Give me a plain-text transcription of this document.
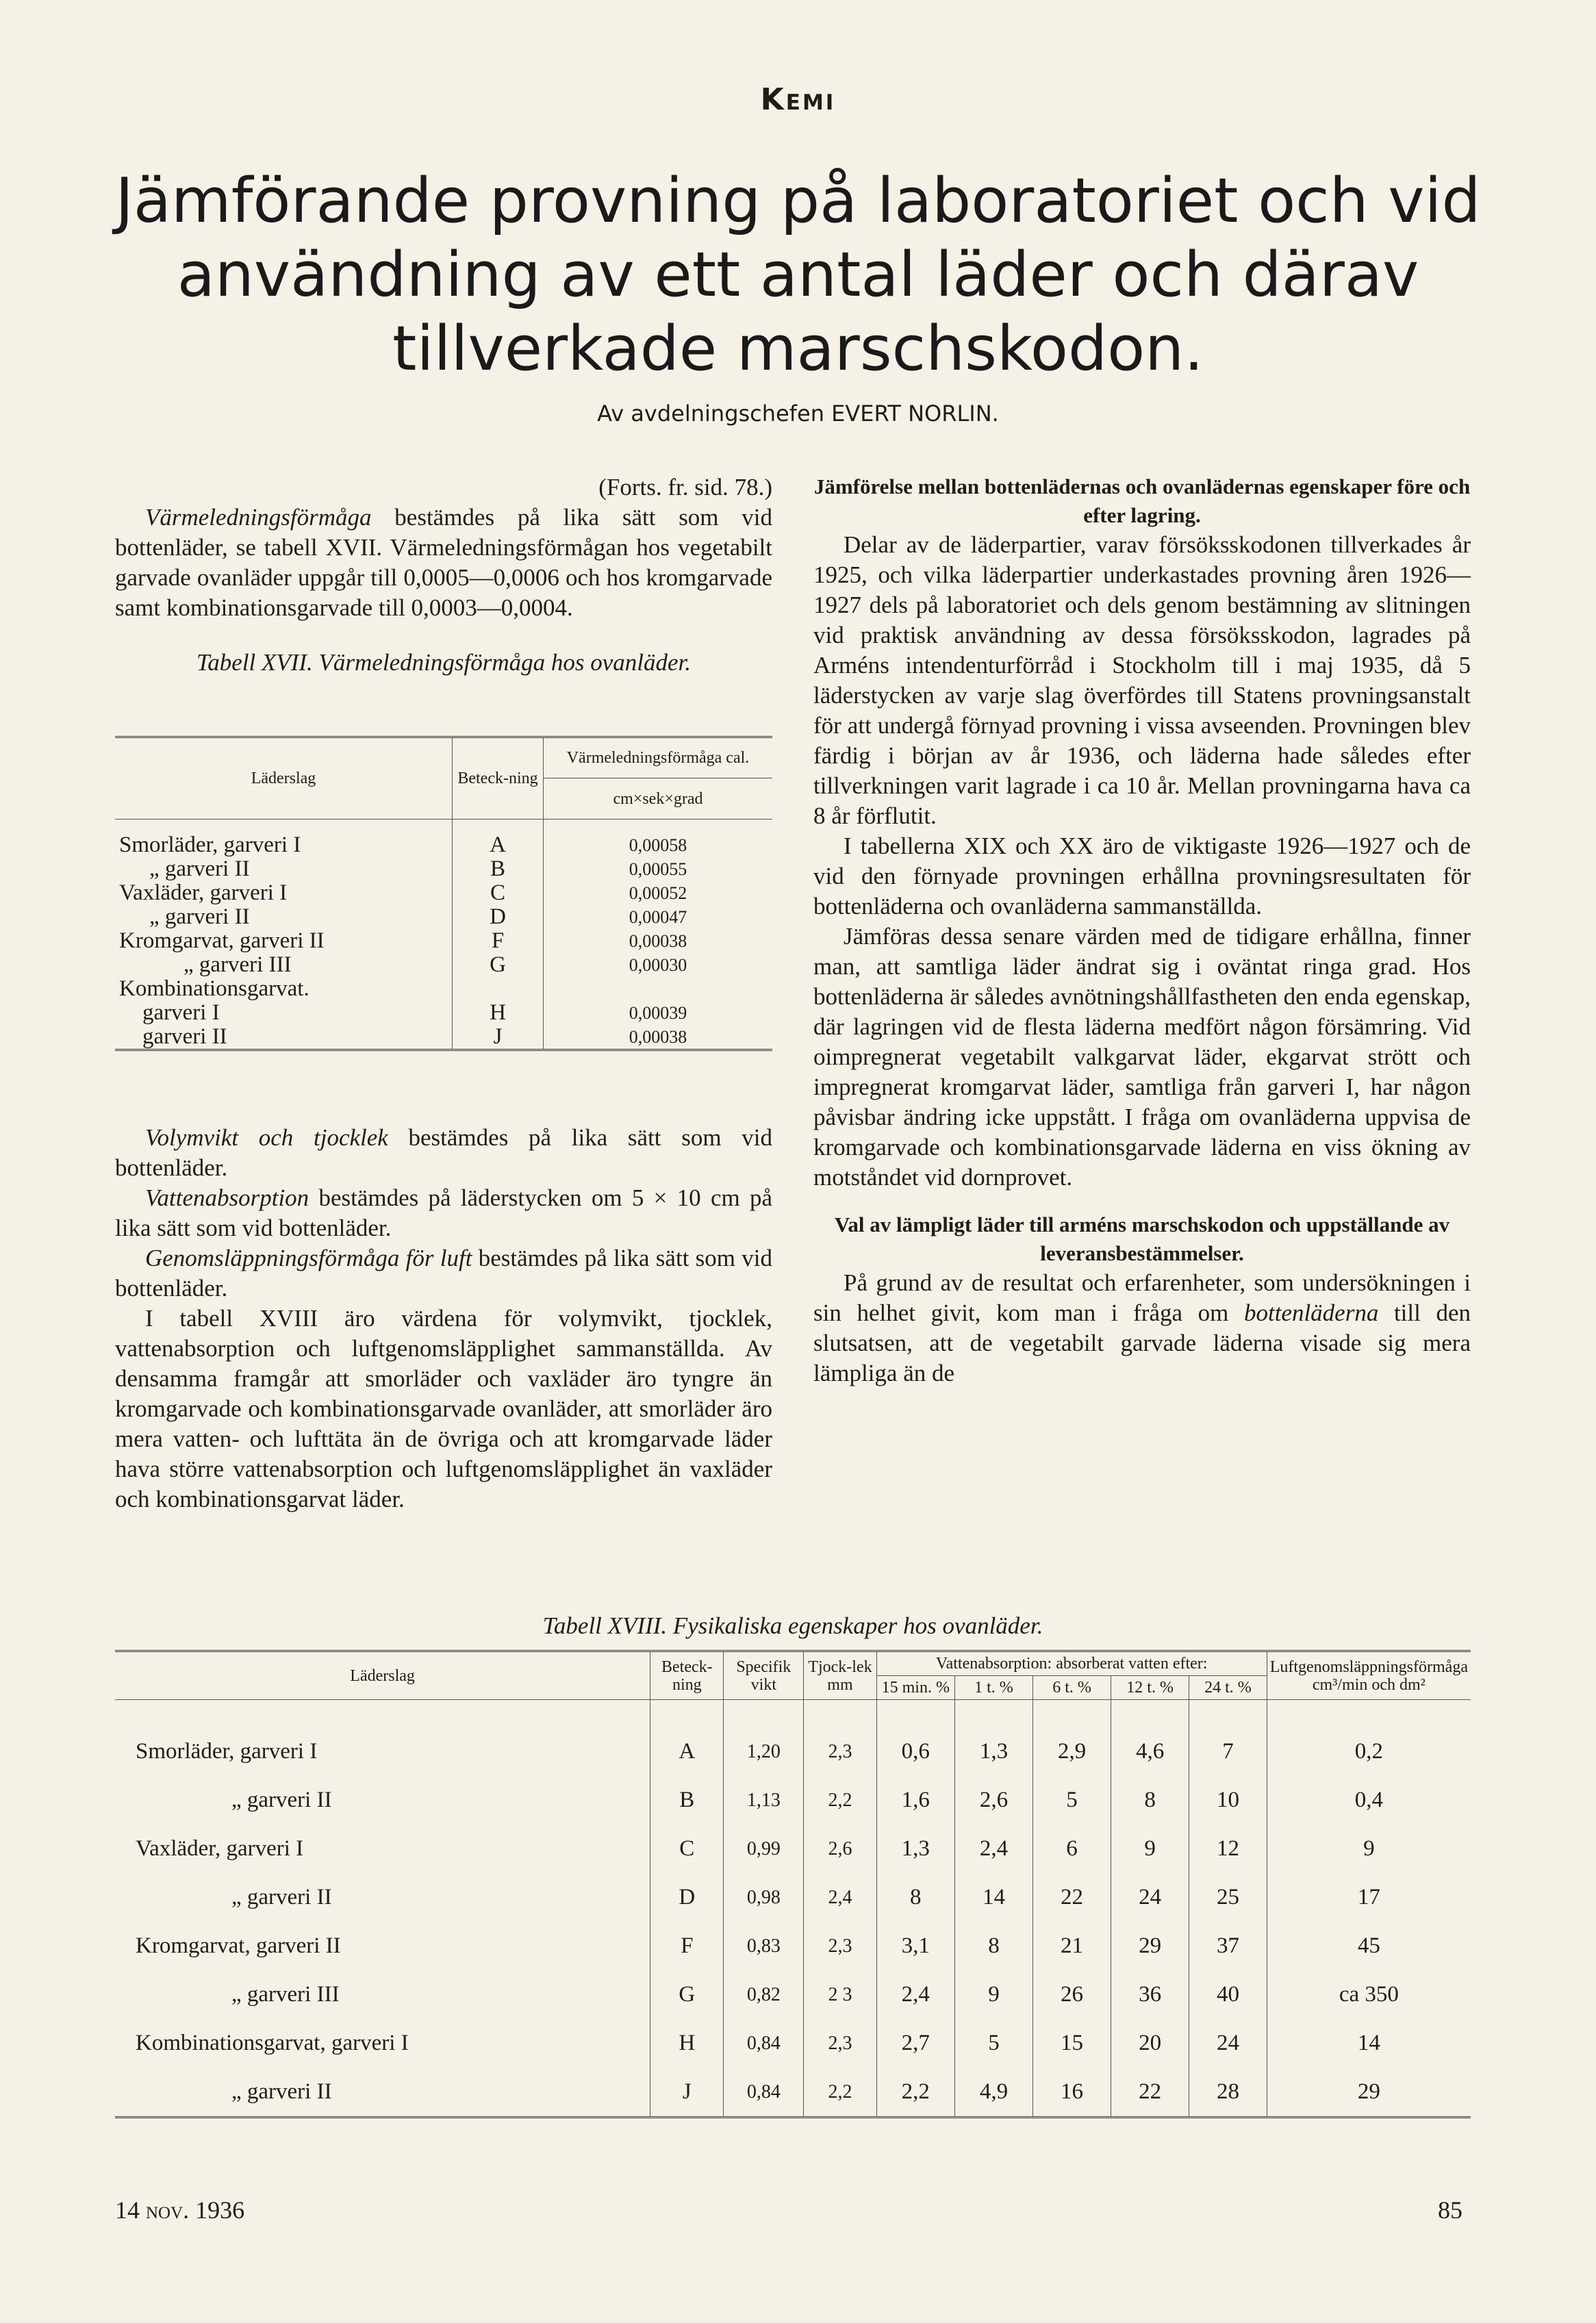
Kemi
Jämförande provning på laboratoriet och vid
användning av ett antal läder och därav
tillverkade marschskodon.
Av avdelningschefen EVERT NORLIN.

(Forts. fr. sid. 78.)

Värmeledningsförmåga bestämdes på lika sätt som vid bottenläder, se tabell XVII. Värmeledningsförmågan hos vegetabilt garvade ovanläder uppgår till 0,0005—0,0006 och hos kromgarvade samt kombinationsgarvade till 0,0003—0,0004.

Tabell XVII. Värmeledningsförmåga hos ovanläder.

Läderslag	Beteck-ning	Värmeledningsförmåga cal.
		cm×sek×grad

Smorläder, garveri I	A	0,00058
„ garveri II	B	0,00055
Vaxläder, garveri I	C	0,00052
„ garveri II	D	0,00047
Kromgarvat, garveri II	F	0,00038
„ garveri III	G	0,00030
Kombinationsgarvat.		
garveri I	H	0,00039
garveri II	J	0,00038

Volymvikt och tjocklek bestämdes på lika sätt som vid bottenläder.

Vattenabsorption bestämdes på läderstycken om 5 × 10 cm på lika sätt som vid bottenläder.

Genomsläppningsförmåga för luft bestämdes på lika sätt som vid bottenläder.

I tabell XVIII äro värdena för volymvikt, tjocklek, vattenabsorption och luftgenomsläpplighet sammanställda. Av densamma framgår att smorläder och vaxläder äro tyngre än kromgarvade och kombinationsgarvade ovanläder, att smorläder äro mera vatten- och lufttäta än de övriga och att kromgarvade läder hava större vattenabsorption och luftgenomsläpplighet än vaxläder och kombinationsgarvat läder.

Jämförelse mellan bottenlädernas och ovanlädernas egenskaper före och efter lagring.

Delar av de läderpartier, varav försöksskodonen tillverkades år 1925, och vilka läderpartier underkastades provning åren 1926—1927 dels på laboratoriet och dels genom bestämning av slitningen vid praktisk användning av dessa försöksskodon, lagrades på Arméns intendenturförråd i Stockholm till i maj 1935, då 5 läderstycken av varje slag överfördes till Statens provningsanstalt för att undergå förnyad provning i vissa avseenden. Provningen blev färdig i början av år 1936, och läderna hade således efter tillverkningen varit lagrade i ca 10 år. Mellan provningarna hava ca 8 år förflutit.

I tabellerna XIX och XX äro de viktigaste 1926—1927 och de vid den förnyade provningen erhållna provningsresultaten för bottenläderna och ovanläderna sammanställda.

Jämföras dessa senare värden med de tidigare erhållna, finner man, att samtliga läder ändrat sig i oväntat ringa grad. Hos bottenläderna är således avnötningshållfastheten den enda egenskap, där lagringen vid de flesta läderna medfört någon försämring. Vid oimpregnerat vegetabilt valkgarvat läder, ekgarvat strött och impregnerat kromgarvat läder, samtliga från garveri I, har någon påvisbar ändring icke uppstått. I fråga om ovanläderna uppvisa de kromgarvade och kombinationsgarvade läderna en viss ökning av motståndet vid dornprovet.

Val av lämpligt läder till arméns marschskodon och uppställande av leveransbestämmelser.

På grund av de resultat och erfarenheter, som undersökningen i sin helhet givit, kom man i fråga om bottenläderna till den slutsatsen, att de vegetabilt garvade läderna visade sig mera lämpliga än de

Tabell XVIII. Fysikaliska egenskaper hos ovanläder.
Läderslag	Beteck-ning	Specifik vikt	Tjock-lek mm	Vattenabsorption: absorberat vatten efter:					Luftgenomsläppningsförmåga cm³/min och dm²
				15 min. %	1 t. %	6 t. %	12 t. %	24 t. %	

Smorläder, garveri I	A	1,20	2,3	0,6	1,3	2,9	4,6	7	0,2
„ garveri II	B	1,13	2,2	1,6	2,6	5	8	10	0,4
Vaxläder, garveri I	C	0,99	2,6	1,3	2,4	6	9	12	9
„ garveri II	D	0,98	2,4	8	14	22	24	25	17
Kromgarvat, garveri II	F	0,83	2,3	3,1	8	21	29	37	45
„ garveri III	G	0,82	2 3	2,4	9	26	36	40	ca 350
Kombinationsgarvat, garveri I	H	0,84	2,3	2,7	5	15	20	24	14
„ garveri II	J	0,84	2,2	2,2	4,9	16	22	28	29
14 nov. 1936	85
